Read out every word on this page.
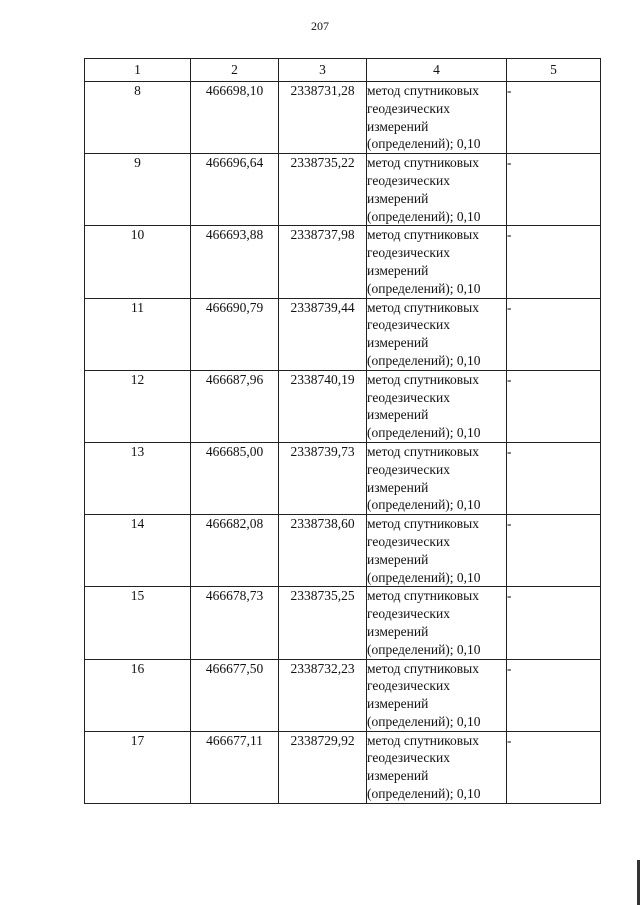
207
1	2	3	4	5
8	466698,10	2338731,28	метод спутниковых
геодезических
измерений
(определений); 0,10	-
9	466696,64	2338735,22	метод спутниковых
геодезических
измерений
(определений); 0,10	-
10	466693,88	2338737,98	метод спутниковых
геодезических
измерений
(определений); 0,10	-
11	466690,79	2338739,44	метод спутниковых
геодезических
измерений
(определений); 0,10	-
12	466687,96	2338740,19	метод спутниковых
геодезических
измерений
(определений); 0,10	-
13	466685,00	2338739,73	метод спутниковых
геодезических
измерений
(определений); 0,10	-
14	466682,08	2338738,60	метод спутниковых
геодезических
измерений
(определений); 0,10	-
15	466678,73	2338735,25	метод спутниковых
геодезических
измерений
(определений); 0,10	-
16	466677,50	2338732,23	метод спутниковых
геодезических
измерений
(определений); 0,10	-
17	466677,11	2338729,92	метод спутниковых
геодезических
измерений
(определений); 0,10	-
